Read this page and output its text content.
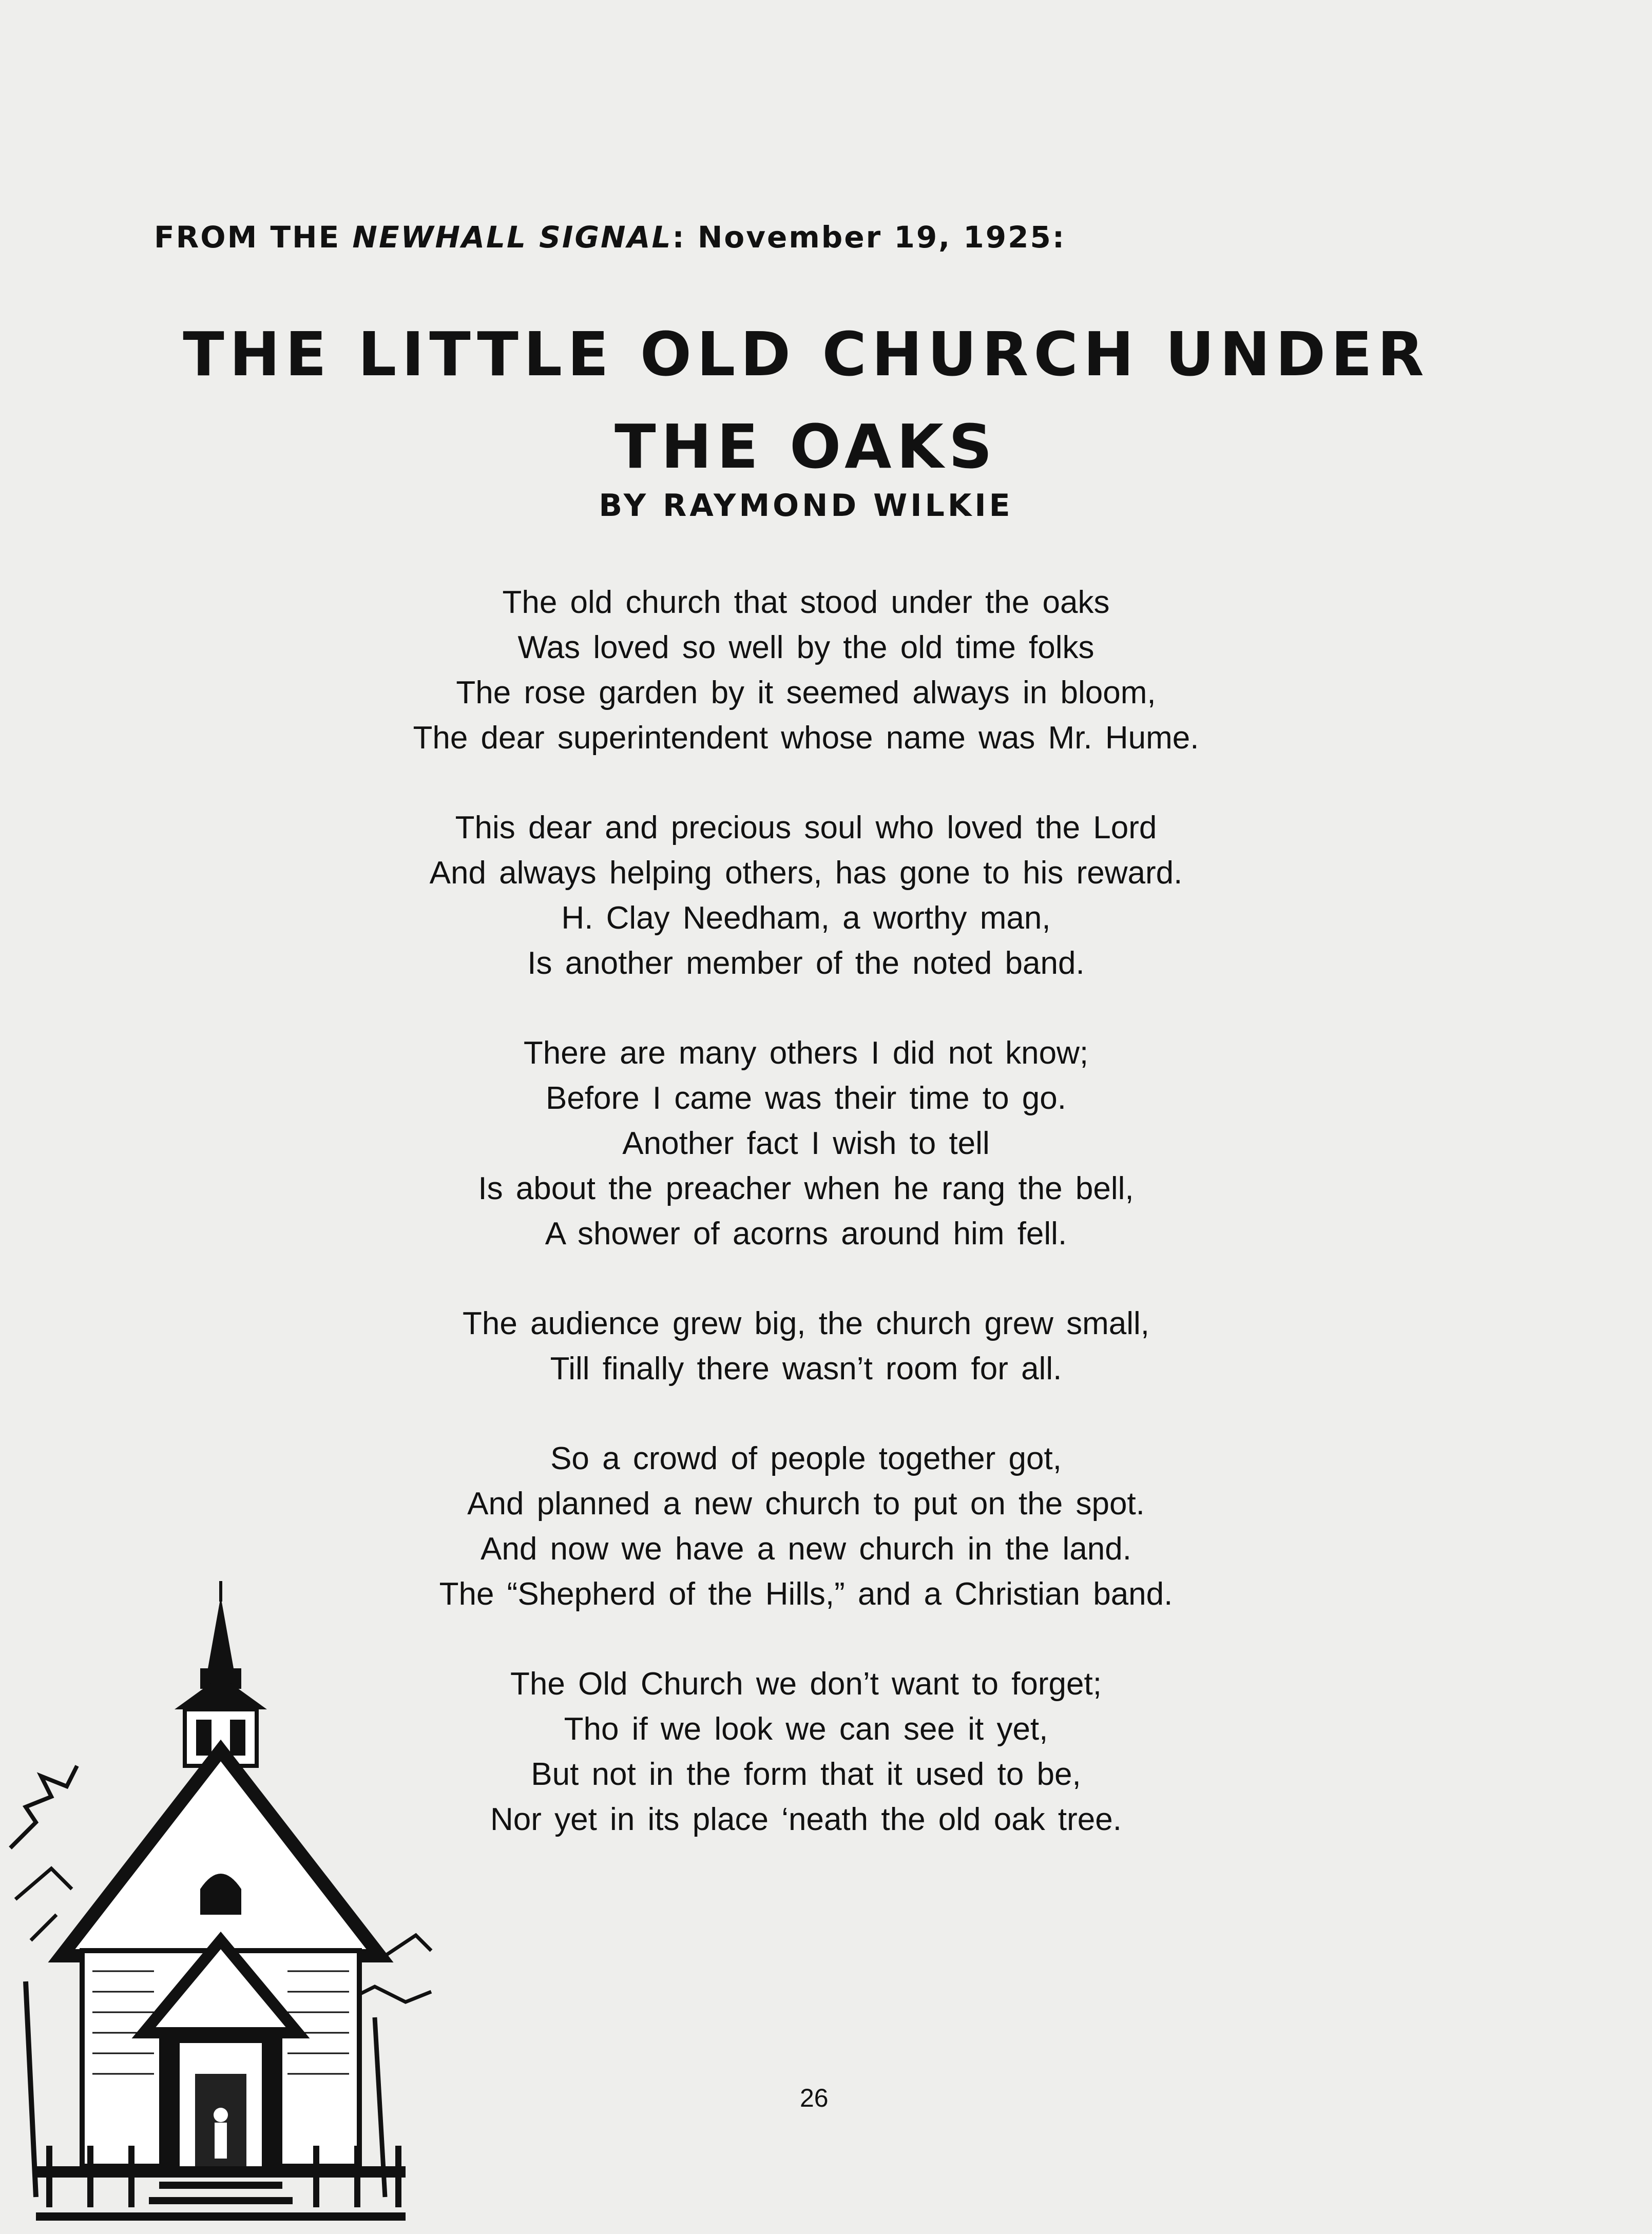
FROM THE NEWHALL SIGNAL: November 19, 1925:
THE LITTLE OLD CHURCH UNDER
THE OAKS
BY RAYMOND WILKIE
The old church that stood under the oaks
Was loved so well by the old time folks
The rose garden by it seemed always in bloom,
The dear superintendent whose name was Mr. Hume.
This dear and precious soul who loved the Lord
And always helping others, has gone to his reward.
H. Clay Needham, a worthy man,
Is another member of the noted band.
There are many others I did not know;
Before I came was their time to go.
Another fact I wish to tell
Is about the preacher when he rang the bell,
A shower of acorns around him fell.
The audience grew big, the church grew small,
Till finally there wasn’t room for all.
So a crowd of people together got,
And planned a new church to put on the spot.
And now we have a new church in the land.
The “Shepherd of the Hills,” and a Christian band.
The Old Church we don’t want to forget;
Tho if we look we can see it yet,
But not in the form that it used to be,
Nor yet in its place ‘neath the old oak tree.
26
